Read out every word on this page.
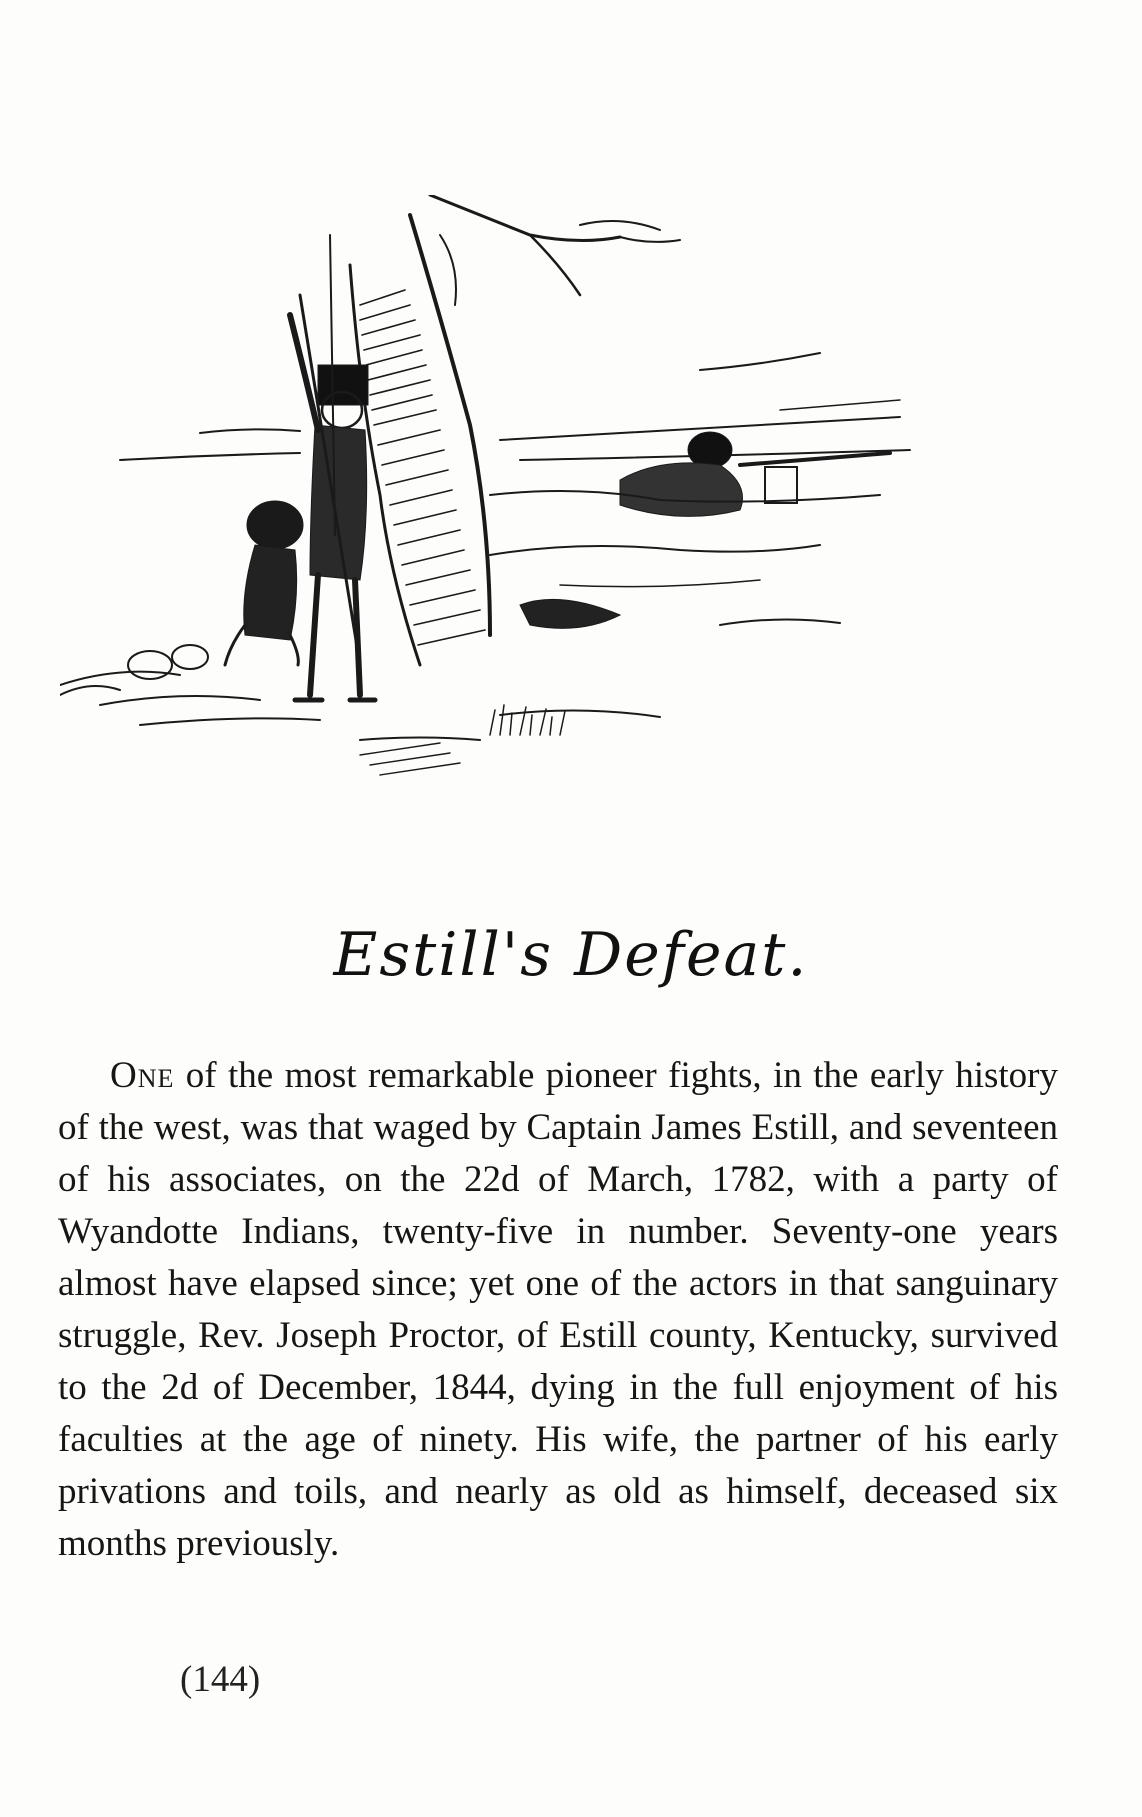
Estill's Defeat.

One of the most remarkable pioneer fights, in the early history of the west, was that waged by Captain James Estill, and seventeen of his associates, on the 22d of March, 1782, with a party of Wyandotte Indians, twenty-five in number. Seventy-one years almost have elapsed since; yet one of the actors in that sanguinary struggle, Rev. Joseph Proctor, of Estill county, Kentucky, survived to the 2d of December, 1844, dying in the full enjoyment of his faculties at the age of ninety. His wife, the partner of his early privations and toils, and nearly as old as himself, deceased six months previously.

(144)
